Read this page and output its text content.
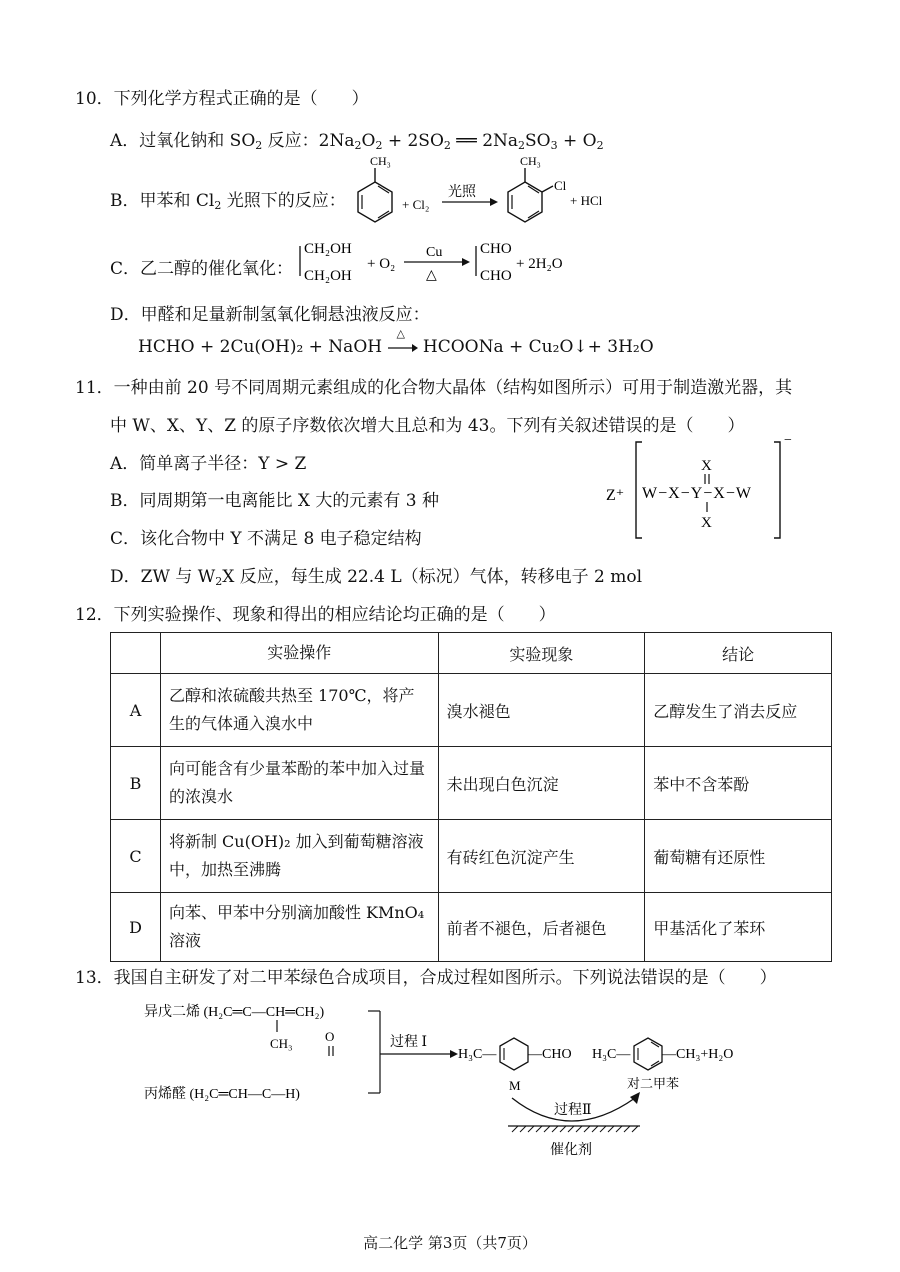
10．下列化学方程式正确的是（　　）
A．过氧化钠和 $SO_2$ 反应：$2Na_2O_2 + 2SO_2$ ══ $2Na_2SO_3 + O_2$
B．甲苯和 $Cl_2$ 光照下的反应：
CH₃
+ Cl₂
光照
CH₃
Cl
+ HCl
C．乙二醇的催化氧化：
CH₂OH
CH₂OH
+ O₂
Cu
△
CHO
CHO
+ 2H₂O
D．甲醛和足量新制氢氧化铜悬浊液反应：
HCHO + 2Cu(OH)₂ + NaOH
△
HCOONa + Cu₂O↓+ 3H₂O
11．一种由前 20 号不同周期元素组成的化合物大晶体（结构如图所示）可用于制造激光器，其
中 W、X、Y、Z 的原子序数依次增大且总和为 43。下列有关叙述错误的是（　　）
A．简单离子半径：Y > Z
B．同周期第一电离能比 X 大的元素有 3 种
C．该化合物中 Y 不满足 8 电子稳定结构
D．ZW 与 $W_2X$ 反应，每生成 22.4 L（标况）气体，转移电子 2 mol
Z⁺
−
X
W−X−Y−X−W
X
12．下列实验操作、现象和得出的相应结论均正确的是（　　）
	实验操作	实验现象	结论
A	乙醇和浓硫酸共热至 170℃，将产生的气体通入溴水中	溴水褪色	乙醇发生了消去反应
B	向可能含有少量苯酚的苯中加入过量的浓溴水	未出现白色沉淀	苯中不含苯酚
C	将新制 Cu(OH)₂ 加入到葡萄糖溶液中，加热至沸腾	有砖红色沉淀产生	葡萄糖有还原性
D	向苯、甲苯中分别滴加酸性 KMnO₄ 溶液	前者不褪色，后者褪色	甲基活化了苯环
13．我国自主研发了对二甲苯绿色合成项目，合成过程如图所示。下列说法错误的是（　　）
异戊二烯 (H₂C═C—CH═CH₂)
CH₃ O
丙烯醛 (H₂C═CH—C—H)
过程 Ⅰ
H₃C— —CHO
M
H₃C— —CH₃+H₂O
对二甲苯
过程Ⅱ
催化剂
高二化学 第3页（共7页）
